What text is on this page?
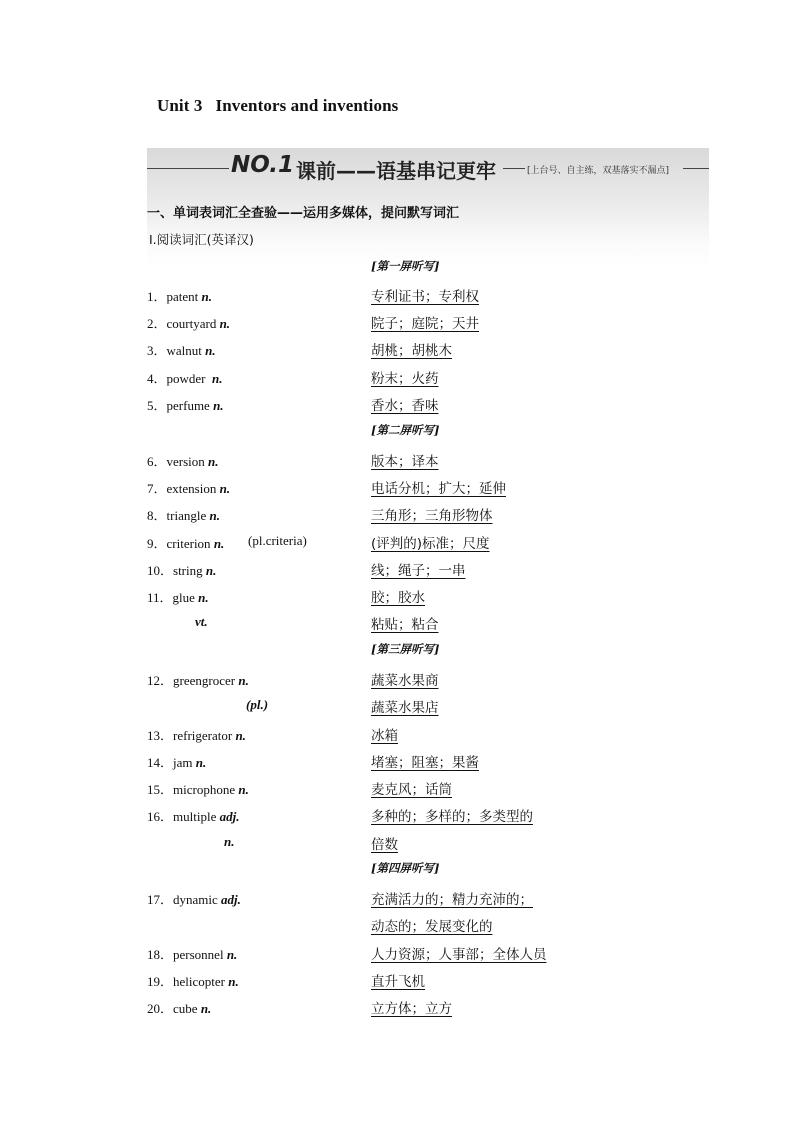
Unit 3   Inventors and inventions
NO.1 课前——语基串记更牢	[上台号、自主练，双基落实不漏点]
一、单词表词汇全查验——运用多媒体，提问默写词汇
Ⅰ.阅读词汇(英译汉)
[第一屏听写]
[第二屏听写]
[第三屏听写]
[第四屏听写]
1．patent n.	专利证书；专利权
2．courtyard n.	院子；庭院；天井
3．walnut n.	胡桃；胡桃木
4．powder n.	粉末；火药
5．perfume n.	香水；香味
6．version n.	版本；译本
7．extension n.	电话分机；扩大；延伸
8．triangle n.	三角形；三角形物体
9．criterion n. (pl.criteria)	(评判的)标准；尺度
10．string n.	线；绳子；一串
11．glue n.	胶；胶水
vt.	粘贴；粘合
12．greengrocer n.	蔬菜水果商
(pl.)	蔬菜水果店
13．refrigerator n.	冰箱
14．jam n.	堵塞；阻塞；果酱
15．microphone n.	麦克风；话筒
16．multiple adj.	多种的；多样的；多类型的
n.	倍数
17．dynamic adj.	充满活力的；精力充沛的；
动态的；发展变化的
18．personnel n.	人力资源；人事部；全体人员
19．helicopter n.	直升飞机
20．cube n.	立方体；立方
